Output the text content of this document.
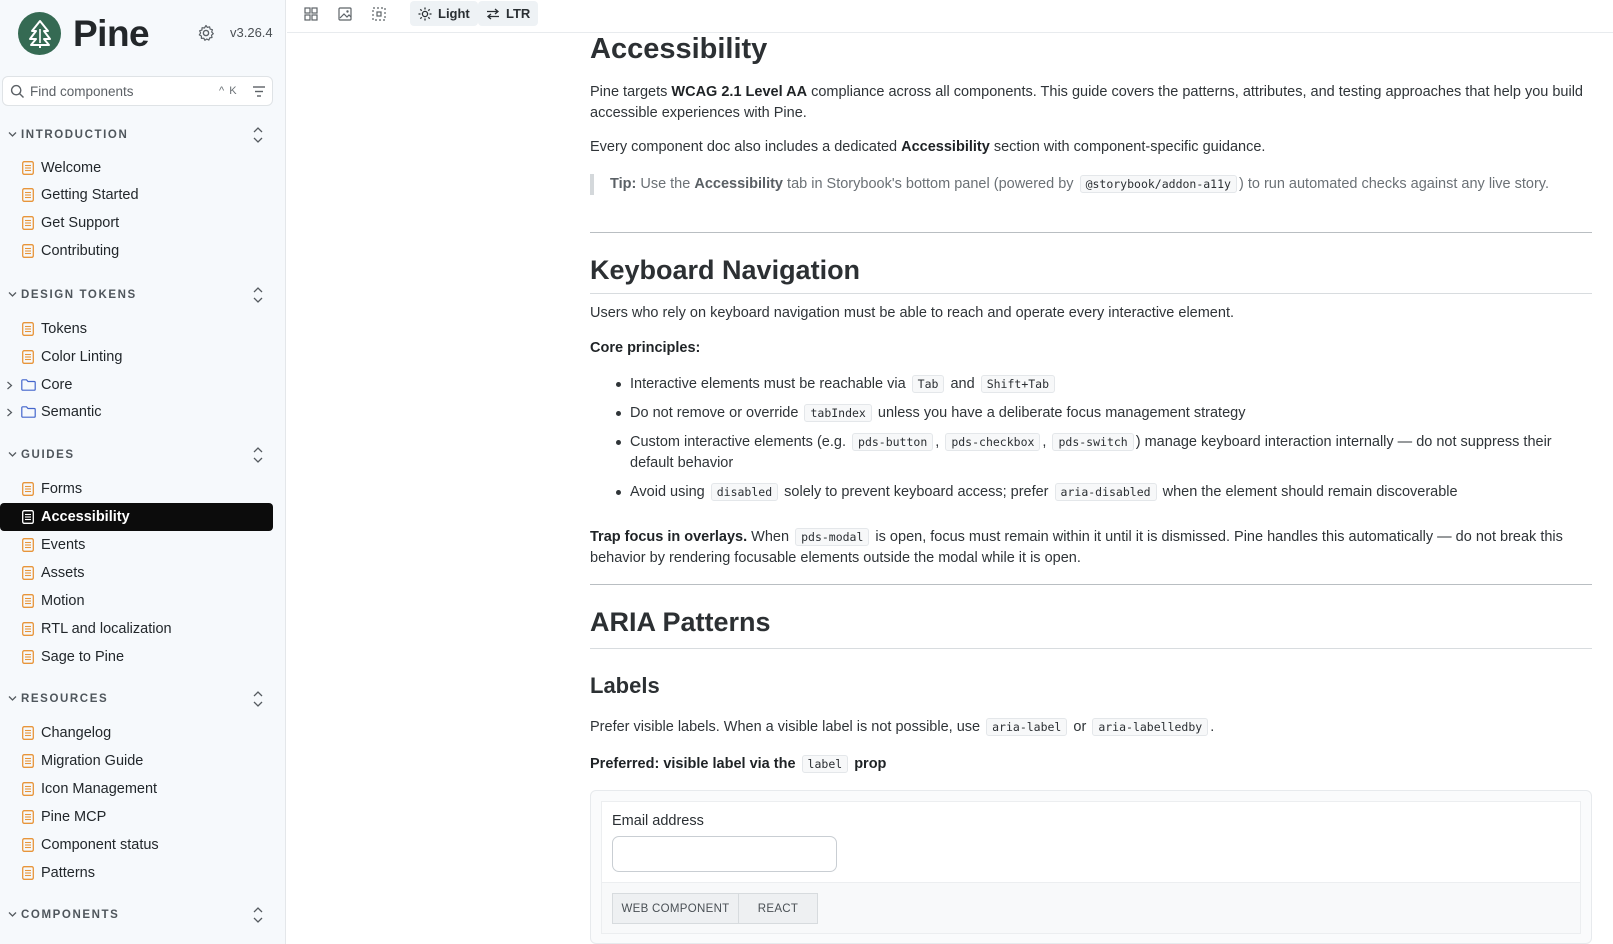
Pine	v3.26.4
Find components	^ K
INTRODUCTION
Welcome
Getting Started
Get Support
Contributing
DESIGN TOKENS
Tokens
Color Linting
Core
Semantic
GUIDES
Forms
Accessibility
Events
Assets
Motion
RTL and localization
Sage to Pine
RESOURCES
Changelog
Migration Guide
Icon Management
Pine MCP
Component status
Patterns
COMPONENTS
Light	LTR
Accessibility

Pine targets WCAG 2.1 Level AA compliance across all components. This guide covers the patterns, attributes, and testing approaches that help you build accessible experiences with Pine.

Every component doc also includes a dedicated Accessibility section with component-specific guidance.

Tip: Use the Accessibility tab in Storybook's bottom panel (powered by @storybook/addon-a11y ) to run automated checks against any live story.
Keyboard Navigation

Users who rely on keyboard navigation must be able to reach and operate every interactive element.

Core principles:

Interactive elements must be reachable via Tab and Shift+Tab
Do not remove or override tabIndex unless you have a deliberate focus management strategy
Custom interactive elements (e.g. pds-button , pds-checkbox , pds-switch ) manage keyboard interaction internally — do not suppress their default behavior
Avoid using disabled solely to prevent keyboard access; prefer aria-disabled when the element should remain discoverable

Trap focus in overlays. When pds-modal is open, focus must remain within it until it is dismissed. Pine handles this automatically — do not break this behavior by rendering focusable elements outside the modal while it is open.

ARIA Patterns
Labels

Prefer visible labels. When a visible label is not possible, use aria-label or aria-labelledby .

Preferred: visible label via the label prop

Email address
WEB COMPONENT	REACT
